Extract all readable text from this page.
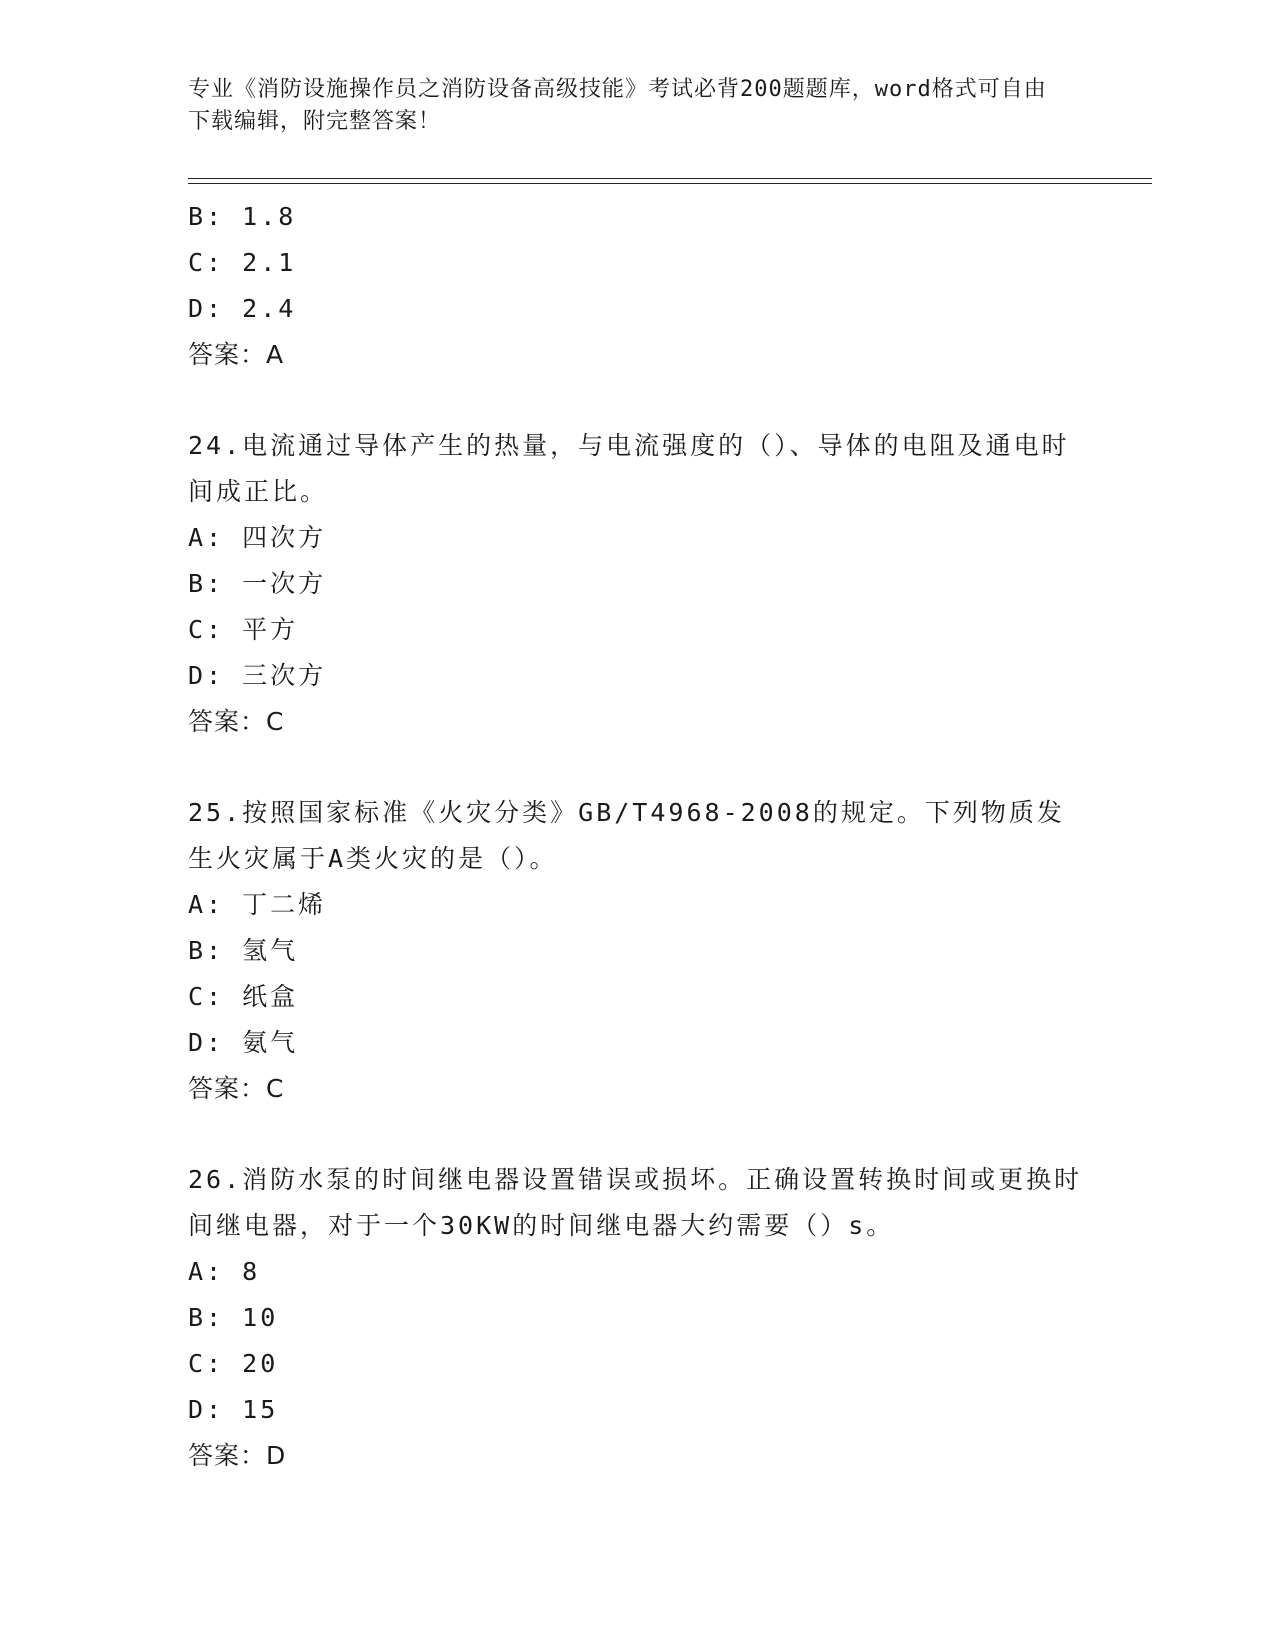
专业《消防设施操作员之消防设备高级技能》考试必背200题题库，word格式可自由下载编辑，附完整答案！
B: 1.8
C: 2.1
D: 2.4
答案：A
24.电流通过导体产生的热量，与电流强度的（）、导体的电阻及通电时间成正比。
A: 四次方
B: 一次方
C: 平方
D: 三次方
答案：C
25.按照国家标准《火灾分类》GB/T4968-2008的规定。下列物质发生火灾属于A类火灾的是（）。
A: 丁二烯
B: 氢气
C: 纸盒
D: 氨气
答案：C
26.消防水泵的时间继电器设置错误或损坏。正确设置转换时间或更换时间继电器，对于一个30KW的时间继电器大约需要（）s。
A: 8
B: 10
C: 20
D: 15
答案：D
